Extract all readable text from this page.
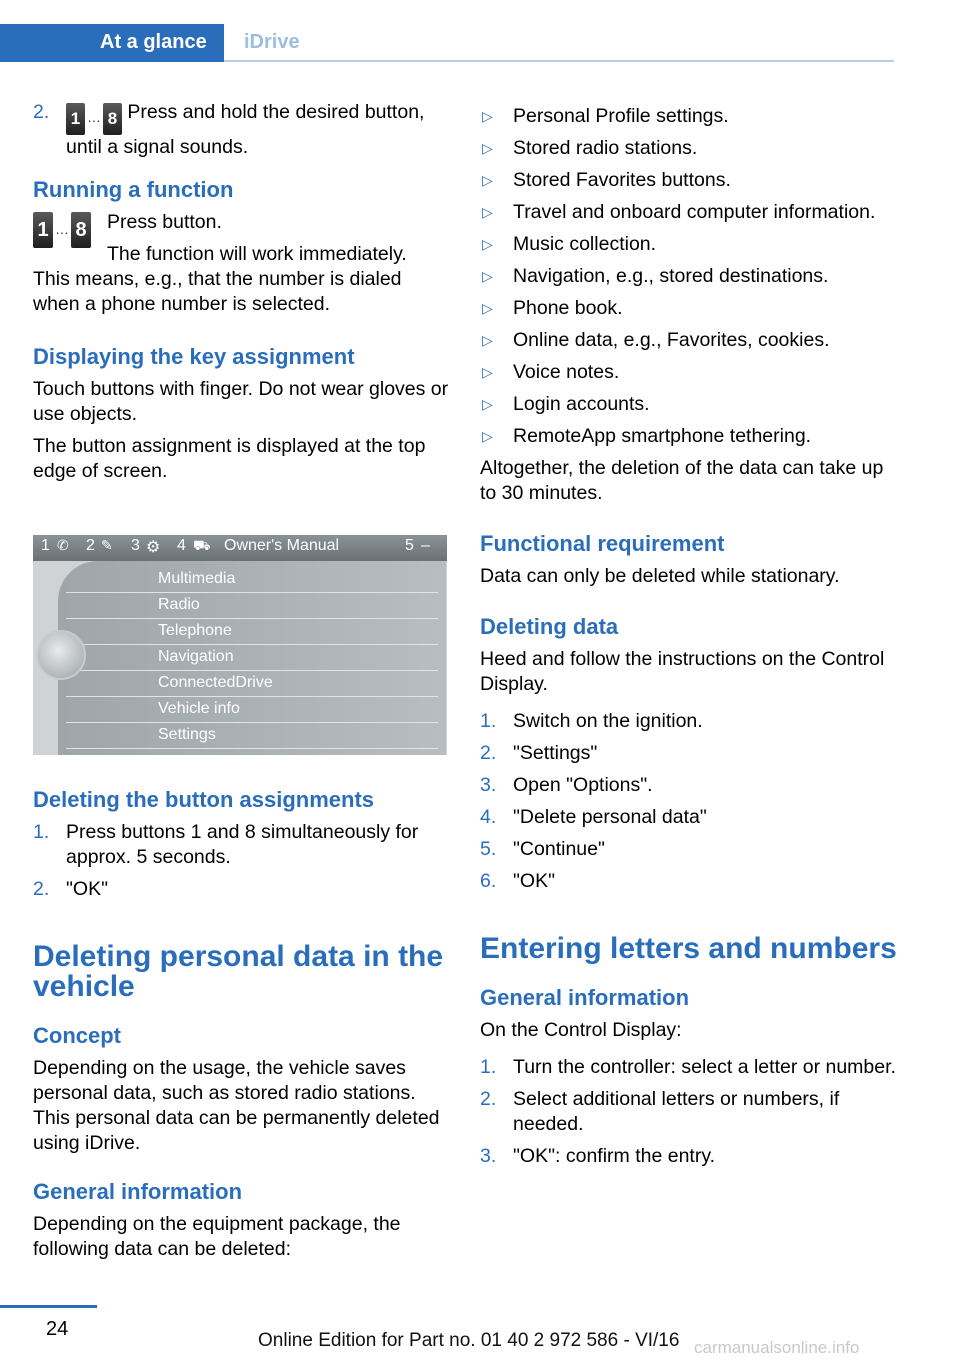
At a glance iDrive
2. 1 $_\dots$ 8 Press and hold the desired button, until a signal sounds.
Running a function
1 … 8	Press button.

The function will work immediately.

This means, e.g., that the number is dialed when a phone number is selected.

Displaying the key assignment

Touch buttons with finger. Do not wear gloves or use objects.

The button assignment is displayed at the top edge of screen.

1 ✆ 2 ✎ 3 ⚙ 4 ⛟ Owner's Manual	5 –
Multimedia
Radio
Telephone
Navigation
ConnectedDrive
Vehicle info
Settings
Deleting the button assignments
1. Press buttons 1 and 8 simultaneously for approx. 5 seconds.
2. "OK"
Deleting personal data in the vehicle
Concept

Depending on the usage, the vehicle saves personal data, such as stored radio stations. This personal data can be permanently deleted using iDrive.

General information

Depending on the equipment package, the following data can be deleted:

▷ Personal Profile settings.
▷ Stored radio stations.
▷ Stored Favorites buttons.
▷ Travel and onboard computer information.
▷ Music collection.
▷ Navigation, e.g., stored destinations.
▷ Phone book.
▷ Online data, e.g., Favorites, cookies.
▷ Voice notes.
▷ Login accounts.
▷ RemoteApp smartphone tethering.

Altogether, the deletion of the data can take up to 30 minutes.

Functional requirement

Data can only be deleted while stationary.

Deleting data

Heed and follow the instructions on the Control Display.

1. Switch on the ignition.
2. "Settings"
3. Open "Options".
4. "Delete personal data"
5. "Continue"
6. "OK"
Entering letters and numbers
General information

On the Control Display:

1. Turn the controller: select a letter or number.
2. Select additional letters or numbers, if needed.
3. "OK": confirm the entry.
24
Online Edition for Part no. 01 40 2 972 586 - VI/16 carmanualsonline.info
